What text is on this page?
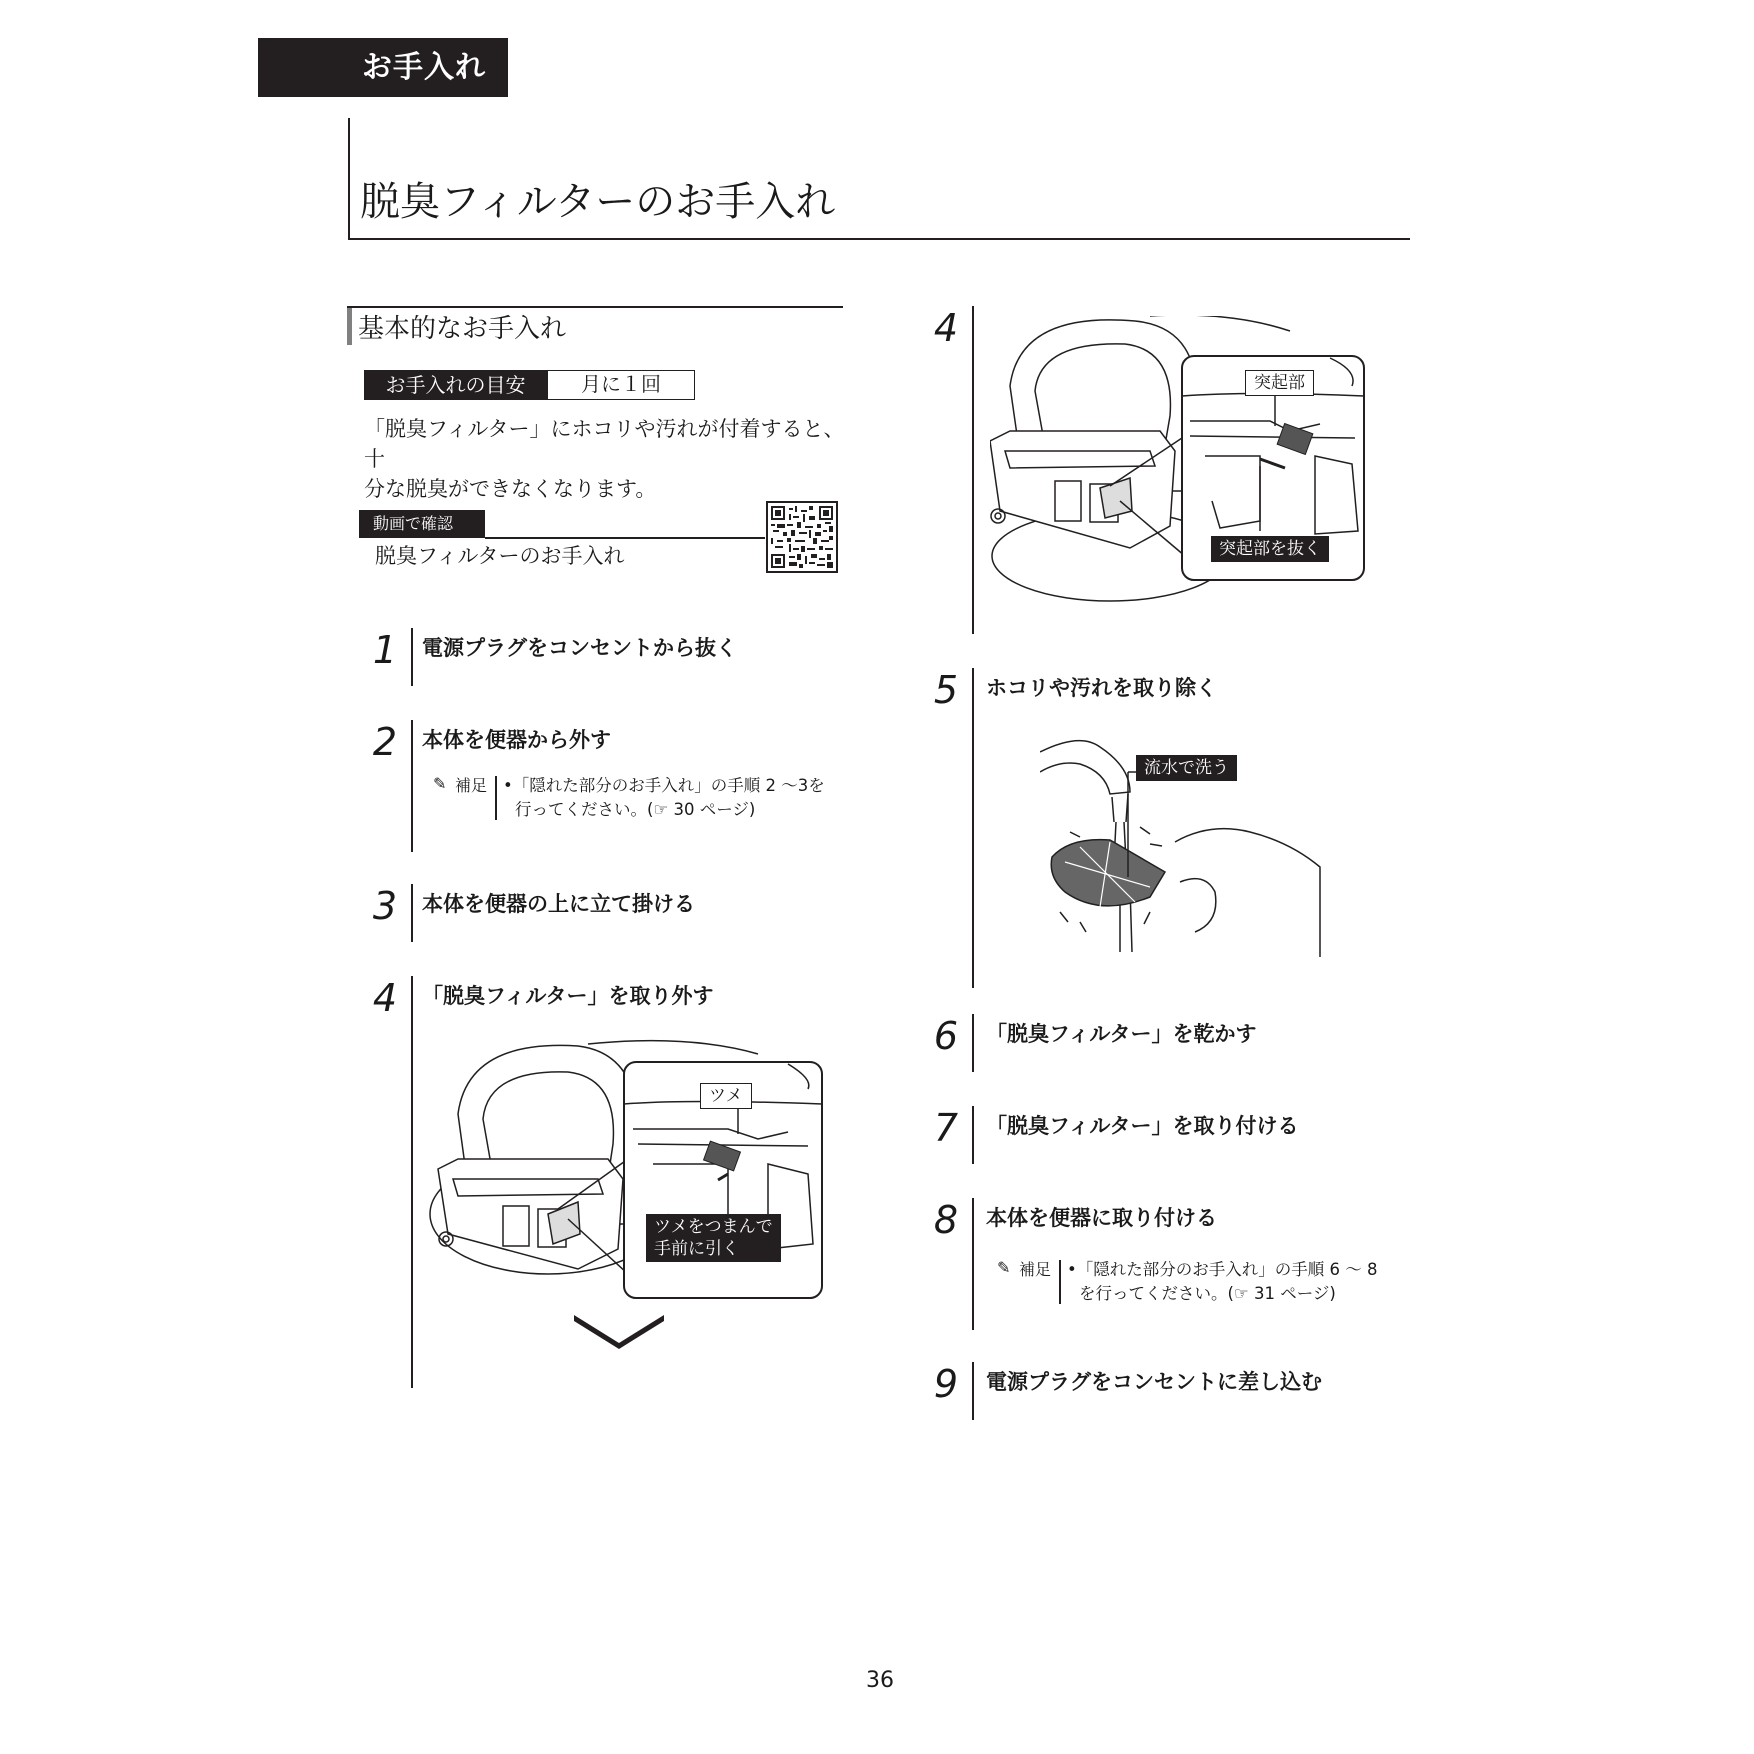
お手入れ
脱臭フィルターのお手入れ
基本的なお手入れ
お手入れの目安	月に１回
「脱臭フィルター」にホコリや汚れが付着すると、十
分な脱臭ができなくなります。
動画で確認
脱臭フィルターのお手入れ
1	電源プラグをコンセントから抜く
2	本体を便器から外す
✎ 補足 •「隠れた部分のお手入れ」の手順 2 ～3を
行ってください。(☞ 30 ページ)
3	本体を便器の上に立て掛ける
4	「脱臭フィルター」を取り外す
ツメ
ツメをつまんで
手前に引く
4
突起部
突起部を抜く
5	ホコリや汚れを取り除く
流水で洗う
6	「脱臭フィルター」を乾かす
7	「脱臭フィルター」を取り付ける
8	本体を便器に取り付ける
✎ 補足 •「隠れた部分のお手入れ」の手順 6 ～ 8
を行ってください。(☞ 31 ページ)
9	電源プラグをコンセントに差し込む
36
